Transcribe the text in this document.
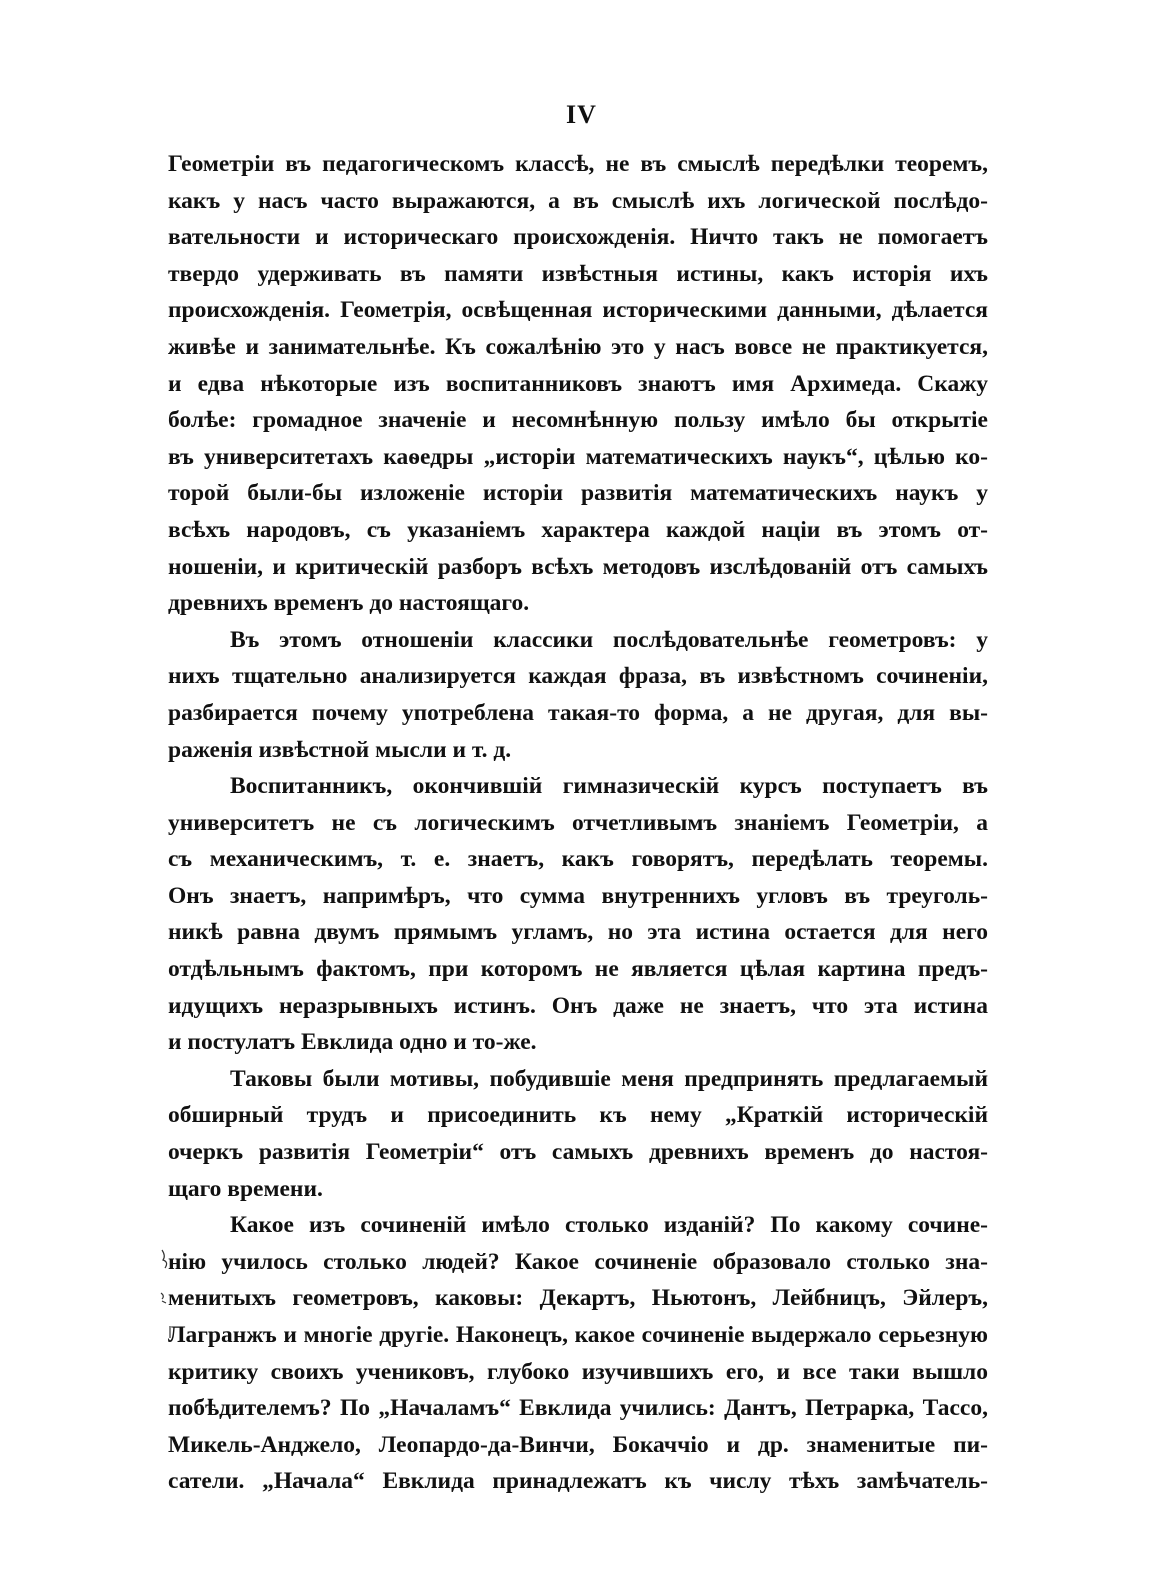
IV
Геометріи въ педагогическомъ классѣ, не въ смыслѣ передѣлки теоремъ,
какъ у насъ часто выражаются, а въ смыслѣ ихъ логической послѣдо-
вательности и историческаго происхожденія. Ничто такъ не помогаетъ
твердо удерживать въ памяти извѣстныя истины, какъ исторія ихъ
происхожденія. Геометрія, освѣщенная историческими данными, дѣлается
живѣе и занимательнѣе. Къ сожалѣнію это у насъ вовсе не практикуется,
и едва нѣкоторые изъ воспитанниковъ знаютъ имя Архимеда. Скажу
болѣе: громадное значеніе и несомнѣнную пользу имѣло бы открытіе
въ университетахъ каѳедры „исторіи математическихъ наукъ“, цѣлью ко-
торой были-бы изложеніе исторіи развитія математическихъ наукъ у
всѣхъ народовъ, съ указаніемъ характера каждой націи въ этомъ от-
ношеніи, и критическій разборъ всѣхъ методовъ изслѣдованій отъ самыхъ
древнихъ временъ до настоящаго.
Въ этомъ отношеніи классики послѣдовательнѣе геометровъ: у
нихъ тщательно анализируется каждая фраза, въ извѣстномъ сочиненіи,
разбирается почему употреблена такая-то форма, а не другая, для вы-
раженія извѣстной мысли и т. д.
Воспитанникъ, окончившій гимназическій курсъ поступаетъ въ
университетъ не съ логическимъ отчетливымъ знаніемъ Геометріи, а
съ механическимъ, т. е. знаетъ, какъ говорятъ, передѣлать теоремы.
Онъ знаетъ, напримѣръ, что сумма внутреннихъ угловъ въ треуголь-
никѣ равна двумъ прямымъ угламъ, но эта истина остается для него
отдѣльнымъ фактомъ, при которомъ не является цѣлая картина предъ-
идущихъ неразрывныхъ истинъ. Онъ даже не знаетъ, что эта истина
и постулатъ Евклида одно и то-же.
Таковы были мотивы, побудившіе меня предпринять предлагаемый
обширный трудъ и присоединить къ нему „Краткій историческій
очеркъ развитія Геометріи“ отъ самыхъ древнихъ временъ до настоя-
щаго времени.
Какое изъ сочиненій имѣло столько изданій? По какому сочине-
нію училось столько людей? Какое сочиненіе образовало столько зна-
менитыхъ геометровъ, каковы: Декартъ, Ньютонъ, Лейбницъ, Эйлеръ,
Лагранжъ и многіе другіе. Наконецъ, какое сочиненіе выдержало серьезную
критику своихъ учениковъ, глубоко изучившихъ его, и все таки вышло
побѣдителемъ? По „Началамъ“ Евклида учились: Дантъ, Петрарка, Тассо,
Микель-Анджело, Леопардо-да-Винчи, Бокаччіо и др. знаменитые пи-
сатели. „Начала“ Евклида принадлежатъ къ числу тѣхъ замѣчатель-
